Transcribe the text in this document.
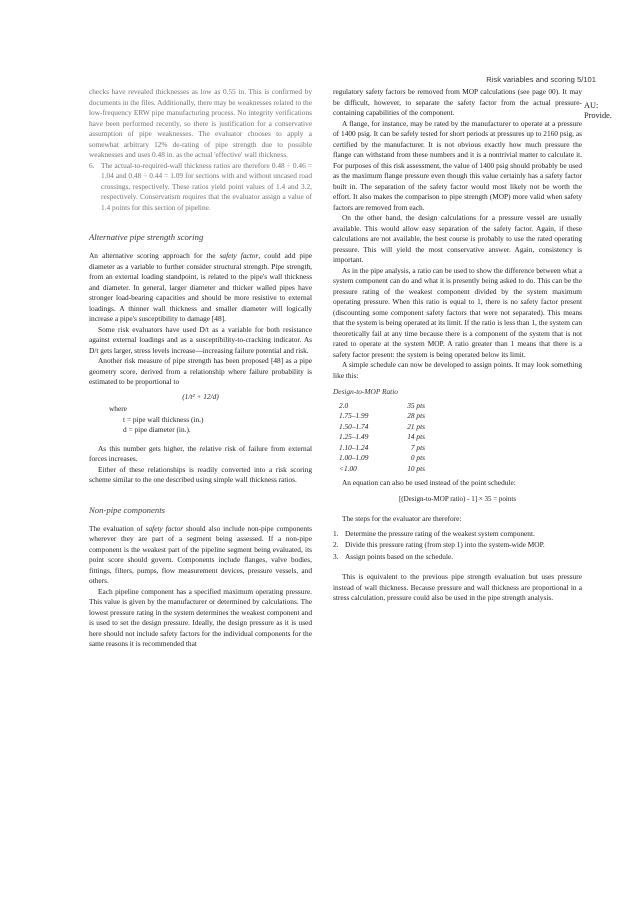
Risk variables and scoring 5/101
AU:
Provide.

checks have revealed thicknesses as low as 0.55 in. This is confirmed by documents in the files. Additionally, there may be weaknesses related to the low-frequency ERW pipe manufacturing process. No integrity verifications have been performed recently, so there is justification for a conservative assumption of pipe weaknesses. The evaluator chooses to apply a somewhat arbitrary 12% de-rating of pipe strength due to possible weaknesses and uses 0.48 in. as the actual 'effective' wall thickness.

6. The actual-to-required-wall thickness ratios are therefore 0.48 ÷ 0.46 = 1.04 and 0.48 ÷ 0.44 = 1.09 for sections with and without uncased road crossings, respectively. These ratios yield point values of 1.4 and 3.2, respectively. Conservatism requires that the evaluator assign a value of 1.4 points for this section of pipeline.
Alternative pipe strength scoring

An alternative scoring approach for the safety factor, could add pipe diameter as a variable to further consider structural strength. Pipe strength, from an external loading standpoint, is related to the pipe's wall thickness and diameter. In general, larger diameter and thicker walled pipes have stronger load-bearing capacities and should be more resistive to external loadings. A thinner wall thickness and smaller diameter will logically increase a pipe's susceptibility to damage [48].

Some risk evaluators have used D/t as a variable for both resistance against external loadings and as a susceptibility-to-cracking indicator. As D/t gets larger, stress levels increase—increasing failure potential and risk.

Another risk measure of pipe strength has been proposed [48] as a pipe geometry score, derived from a relationship where failure probability is estimated to be proportional to

(1/t² + 12/d)
where
t = pipe wall thickness (in.)
d = pipe diameter (in.).

As this number gets higher, the relative risk of failure from external forces increases.

Either of these relationships is readily converted into a risk scoring scheme similar to the one described using simple wall thickness ratios.

Non-pipe components

The evaluation of safety factor should also include non-pipe components wherever they are part of a segment being assessed. If a non-pipe component is the weakest part of the pipeline segment being evaluated, its point score should govern. Components include flanges, valve bodies, fittings, filters, pumps, flow measurement devices, pressure vessels, and others.

Each pipeline component has a specified maximum operating pressure. This value is given by the manufacturer or determined by calculations. The lowest pressure rating in the system determines the weakest component and is used to set the design pressure. Ideally, the design pressure as it is used here should not include safety factors for the individual components for the same reasons it is recommended that

regulatory safety factors be removed from MOP calculations (see page 00). It may be difficult, however, to separate the safety factor from the actual pressure-containing capabilities of the component.

A flange, for instance, may be rated by the manufacturer to operate at a pressure of 1400 psig. It can be safely tested for short periods at pressures up to 2160 psig, as certified by the manufacturer. It is not obvious exactly how much pressure the flange can withstand from these numbers and it is a nontrivial matter to calculate it. For purposes of this risk assessment, the value of 1400 psig should probably be used as the maximum flange pressure even though this value certainly has a safety factor built in. The separation of the safety factor would most likely not be worth the effort. It also makes the comparison to pipe strength (MOP) more valid when safety factors are removed from each.

On the other hand, the design calculations for a pressure vessel are usually available. This would allow easy separation of the safety factor. Again, if these calculations are not available, the best course is probably to use the rated operating pressure. This will yield the most conservative answer. Again, consistency is important.

As in the pipe analysis, a ratio can be used to show the difference between what a system component can do and what it is presently being asked to do. This can be the pressure rating of the weakest component divided by the system maximum operating pressure. When this ratio is equal to 1, there is no safety factor present (discounting some component safety factors that were not separated). This means that the system is being operated at its limit. If the ratio is less than 1, the system can theoretically fail at any time because there is a component of the system that is not rated to operate at the system MOP. A ratio greater than 1 means that there is a safety factor present: the system is being operated below its limit.

A simple schedule can now be developed to assign points. It may look something like this:

Design-to-MOP Ratio
2.0	35 pts
1.75–1.99	28 pts
1.50–1.74	21 pts
1.25–1.49	14 pts
1.10–1.24	7 pts
1.00–1.09	0 pts
<1.00	10 pts

An equation can also be used instead of the point schedule:

[(Design-to-MOP ratio) - 1] × 35 = points

The steps for the evaluator are therefore:

1. Determine the pressure rating of the weakest system component.
2. Divide this pressure rating (from step 1) into the system-wide MOP.
3. Assign points based on the schedule.

This is equivalent to the previous pipe strength evaluation but uses pressure instead of wall thickness. Because pressure and wall thickness are proportional in a stress calculation, pressure could also be used in the pipe strength analysis.
